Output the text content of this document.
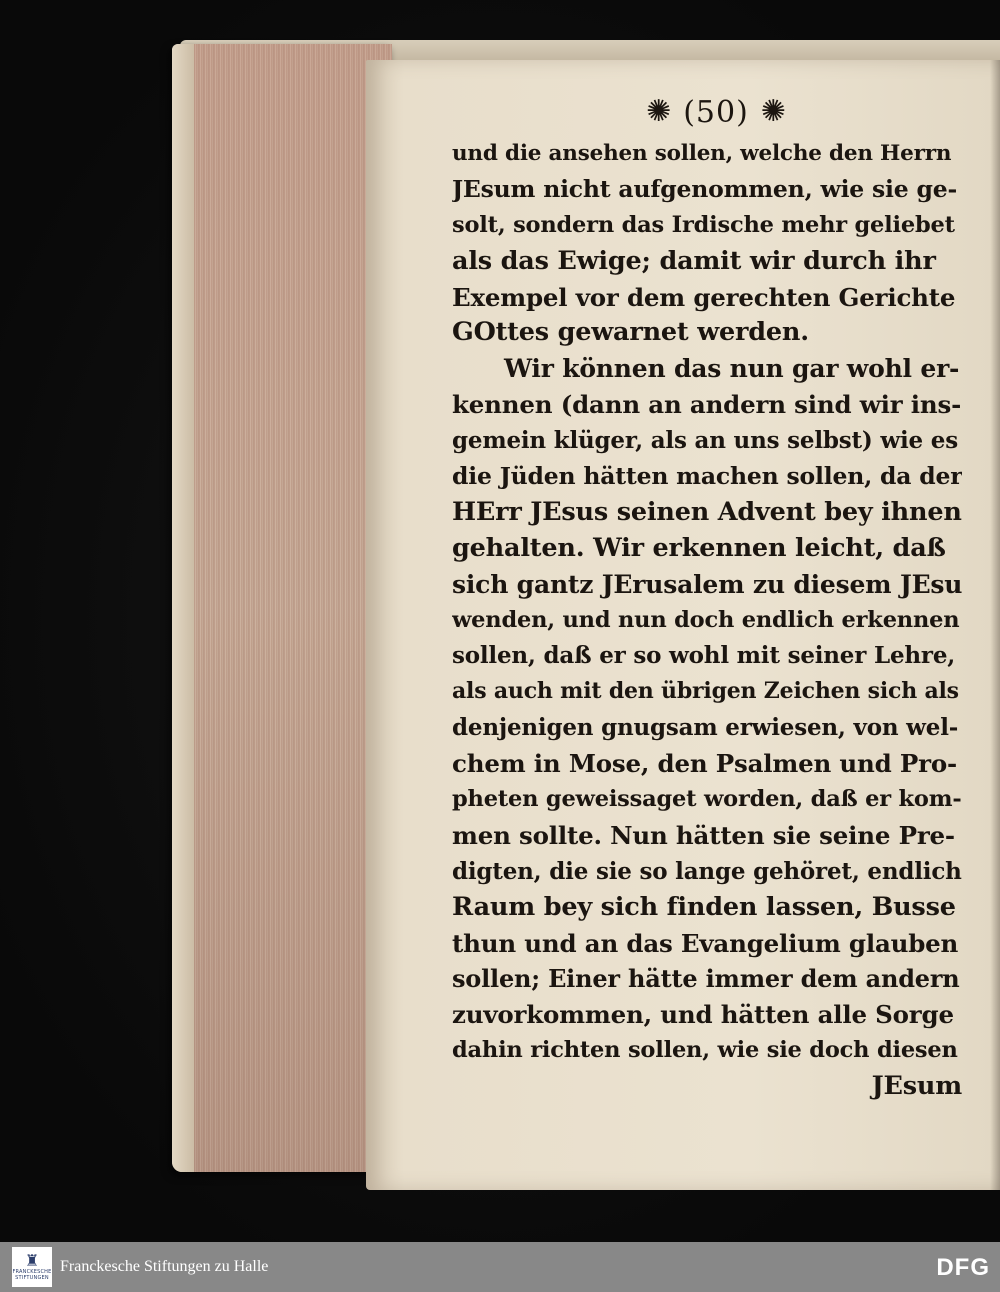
✺ (50) ✺
und die ansehen sollen, welche den Herrn
JEsum nicht aufgenommen, wie sie ge-
solt, sondern das Irdische mehr geliebet
als das Ewige; damit wir durch ihr
Exempel vor dem gerechten Gerichte
GOttes gewarnet werden.
Wir können das nun gar wohl er-
kennen (dann an andern sind wir ins-
gemein klüger, als an uns selbst) wie es
die Jüden hätten machen sollen, da der
HErr JEsus seinen Advent bey ihnen
gehalten. Wir erkennen leicht, daß
sich gantz JErusalem zu diesem JEsu
wenden, und nun doch endlich erkennen
sollen, daß er so wohl mit seiner Lehre,
als auch mit den übrigen Zeichen sich als
denjenigen gnugsam erwiesen, von wel-
chem in Mose, den Psalmen und Pro-
pheten geweissaget worden, daß er kom-
men sollte. Nun hätten sie seine Pre-
digten, die sie so lange gehöret, endlich
Raum bey sich finden lassen, Busse
thun und an das Evangelium glauben
sollen; Einer hätte immer dem andern
zuvorkommen, und hätten alle Sorge
dahin richten sollen, wie sie doch diesen
JEsum
♜
FRANCKESCHE STIFTUNGEN
Franckesche Stiftungen zu Halle	DFG
